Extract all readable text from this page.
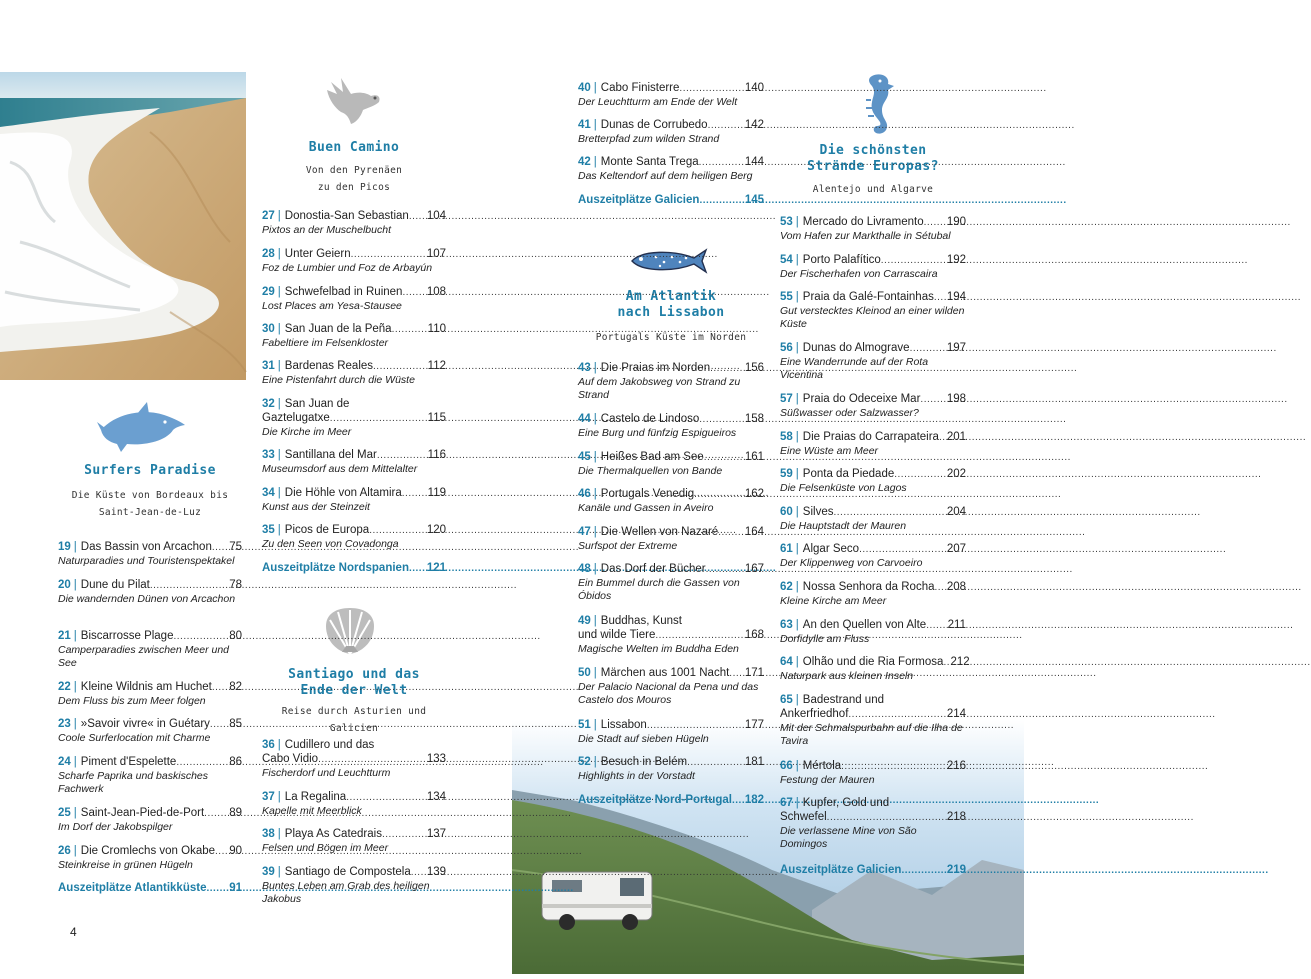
Surfers Paradise
Die Küste von Bordeaux bis
Saint-Jean-de-Luz
Buen Camino
Von den Pyrenäen
zu den Picos
Santiago und das
Ende der Welt
Reise durch Asturien und Galicien
Am Atlantik
nach Lissabon
Portugals Küste im Norden
Die schönsten
Strände Europas?
Alentejo und Algarve
19 | Das Bassin von Arcachon ..... 75
Naturparadies und Touristenspektakel
20 | Dune du Pilat .....	78
Die wandernden Dünen von Arcachon
21 | Biscarrosse Plage .....	80
Camperparadies zwischen Meer und See
22 | Kleine Wildnis am Huchet ..... 82
Dem Fluss bis zum Meer folgen
23 | »Savoir vivre« in Guétary ..... 85
Coole Surferlocation mit Charme
24 | Piment d'Espelette .....	86
Scharfe Paprika und baskisches Fachwerk
25 | Saint-Jean-Pied-de-Port ..... 89
Im Dorf der Jakobspilger
26 | Die Cromlechs von Okabe ..... 90
Steinkreise in grünen Hügeln
Auszeitplätze Atlantikküste ..... 91
27 | Donostia-San Sebastian ..... 104
Pixtos an der Muschelbucht
28 | Unter Geiern .....	107
Foz de Lumbier und Foz de Arbayún
29 | Schwefelbad in Ruinen ..... 108
Lost Places am Yesa-Stausee
30 | San Juan de la Peña .....	110
Fabeltiere im Felsenkloster
31 | Bardenas Reales .....	112
Eine Pistenfahrt durch die Wüste
32 | San Juan de
Gaztelugatxe .....	115
Die Kirche im Meer
33 | Santillana del Mar .....	116
Museumsdorf aus dem Mittelalter
34 | Die Höhle von Altamira ..... 119
Kunst aus der Steinzeit
35 | Picos de Europa .....	120
Zu den Seen von Covadonga
Auszeitplätze Nordspanien ..... 121
36 | Cudillero und das
Cabo Vidio .....	133
Fischerdorf und Leuchtturm
37 | La Regalina .....	134
Kapelle mit Meerblick
38 | Playa As Catedrais .....	137
Felsen und Bögen im Meer
39 | Santiago de Compostela ..... 139
Buntes Leben am Grab des heiligen Jakobus
40 | Cabo Finisterre .....	140
Der Leuchtturm am Ende der Welt
41 | Dunas de Corrubedo .....	142
Bretterpfad zum wilden Strand
42 | Monte Santa Trega .....	144
Das Keltendorf auf dem heiligen Berg
Auszeitplätze Galicien .....	145
43 | Die Praias im Norden .....	156
Auf dem Jakobsweg von Strand zu Strand
44 | Castelo de Lindoso .....	158
Eine Burg und fünfzig Espigueiros
45 | Heißes Bad am See .....	161
Die Thermalquellen von Bande
46 | Portugals Venedig .....	162
Kanäle und Gassen in Aveiro
47 | Die Wellen von Nazaré ..... 164
Surfspot der Extreme
48 | Das Dorf der Bücher .....	167
Ein Bummel durch die Gassen von Óbidos
49 | Buddhas, Kunst
und wilde Tiere .....	168
Magische Welten im Buddha Eden
50 | Märchen aus 1001 Nacht ..... 171
Der Palacio Nacional da Pena und das Castelo dos Mouros
51 | Lissabon .....	177
Die Stadt auf sieben Hügeln
52 | Besuch in Belém .....	181
Highlights in der Vorstadt
Auszeitplätze Nord-Portugal ..... 182
53 | Mercado do Livramento ..... 190
Vom Hafen zur Markthalle in Sétubal
54 | Porto Palafítico .....	192
Der Fischerhafen von Carrascaira
55 | Praia da Galé-Fontainhas ..... 194
Gut verstecktes Kleinod an einer wilden Küste
56 | Dunas do Almograve .....	197
Eine Wanderrunde auf der Rota Vicentina
57 | Praia do Odeceixe Mar ..... 198
Süßwasser oder Salzwasser?
58 | Die Praias do Carrapateira ..... 201
Eine Wüste am Meer
59 | Ponta da Piedade .....	202
Die Felsenküste von Lagos
60 | Silves .....	204
Die Hauptstadt der Mauren
61 | Algar Seco .....	207
Der Klippenweg von Carvoeiro
62 | Nossa Senhora da Rocha ..... 208
Kleine Kirche am Meer
63 | An den Quellen von Alte ..... 211
Dorfidylle am Fluss
64 | Olhão und die Ria Formosa ..... 212
Naturpark aus kleinen Inseln
65 | Badestrand und
Ankerfriedhof .....	214
Mit der Schmalspurbahn auf die Ilha de Tavira
66 | Mértola .....	216
Festung der Mauren
67 | Kupfer, Gold und
Schwefel .....	218
Die verlassene Mine von São Domingos
Auszeitplätze Galicien .....	219
4
